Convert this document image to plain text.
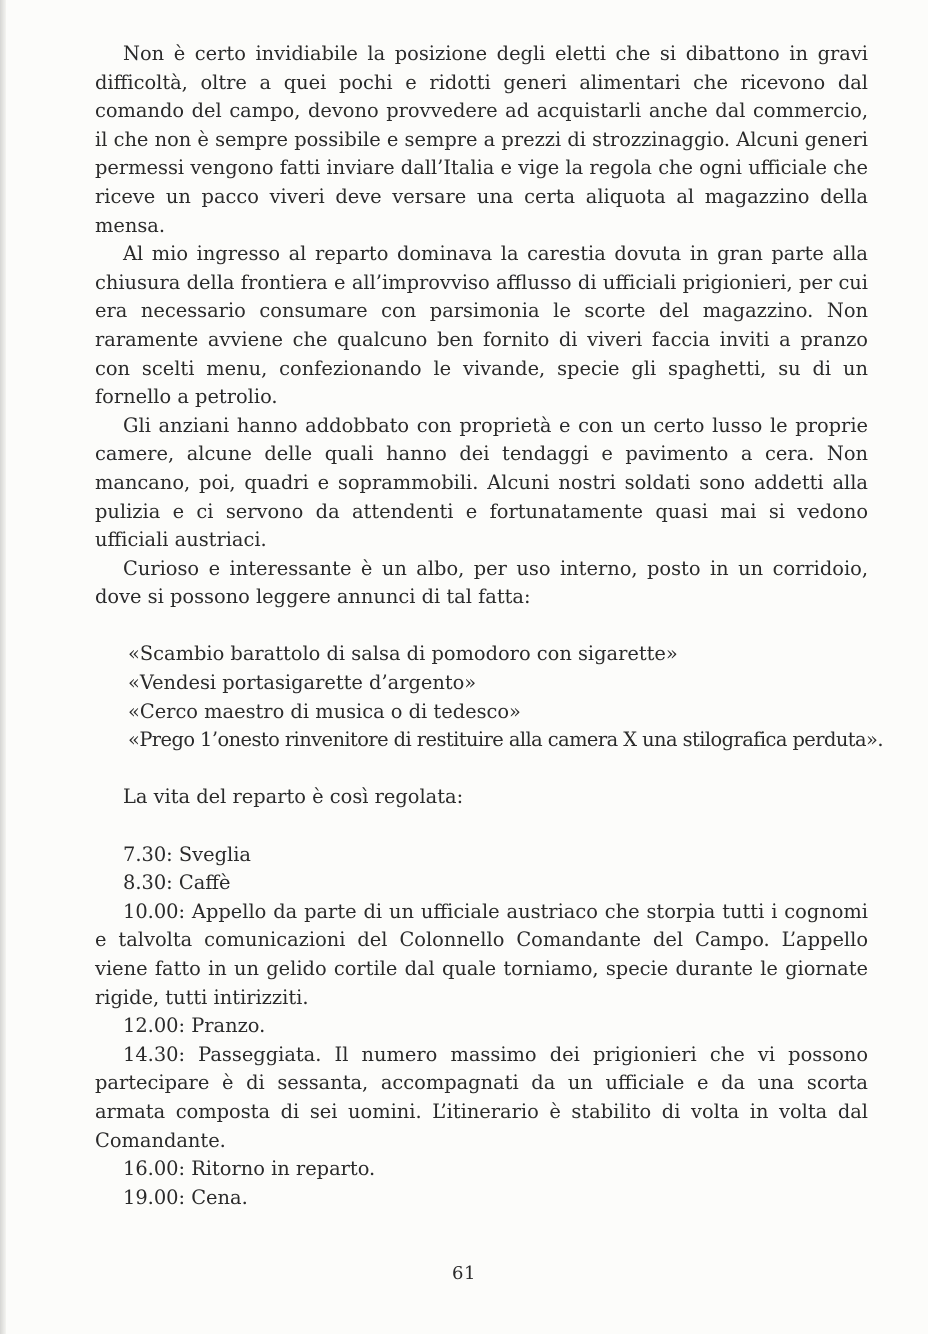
Non è certo invidiabile la posizione degli eletti che si dibattono in gravi difficoltà, oltre a quei pochi e ridotti generi alimentari che ricevono dal comando del campo, devono provvedere ad acquistarli anche dal commercio, il che non è sempre possibile e sempre a prezzi di strozzinaggio. Alcuni generi permessi vengono fatti inviare dall’Italia e vige la regola che ogni ufficiale che riceve un pacco viveri deve versare una certa aliquota al magazzino della mensa.

Al mio ingresso al reparto dominava la carestia dovuta in gran parte alla chiusura della frontiera e all’improvviso afflusso di ufficiali prigionieri, per cui era necessario consumare con parsimonia le scorte del magazzino. Non raramente avviene che qualcuno ben fornito di viveri faccia inviti a pranzo con scelti menu, confezionando le vivande, specie gli spaghetti, su di un fornello a petrolio.

Gli anziani hanno addobbato con proprietà e con un certo lusso le proprie camere, alcune delle quali hanno dei tendaggi e pavimento a cera. Non mancano, poi, quadri e soprammobili. Alcuni nostri soldati sono addetti alla pulizia e ci servono da attendenti e fortunatamente quasi mai si vedono ufficiali austriaci.

Curioso e interessante è un albo, per uso interno, posto in un corridoio, dove si possono leggere annunci di tal fatta:

«Scambio barattolo di salsa di pomodoro con sigarette»
«Vendesi portasigarette d’argento»
«Cerco maestro di musica o di tedesco»
«Prego 1’onesto rinvenitore di restituire alla camera X una stilografica perduta».

La vita del reparto è così regolata:

7.30: Sveglia

8.30: Caffè

10.00: Appello da parte di un ufficiale austriaco che storpia tutti i cognomi e talvolta comunicazioni del Colonnello Comandante del Campo. L’appello viene fatto in un gelido cortile dal quale torniamo, specie durante le giornate rigide, tutti intirizziti.

12.00: Pranzo.

14.30: Passeggiata. Il numero massimo dei prigionieri che vi possono partecipare è di sessanta, accompagnati da un ufficiale e da una scorta armata composta di sei uomini. L’itinerario è stabilito di volta in volta dal Comandante.

16.00: Ritorno in reparto.

19.00: Cena.

61
